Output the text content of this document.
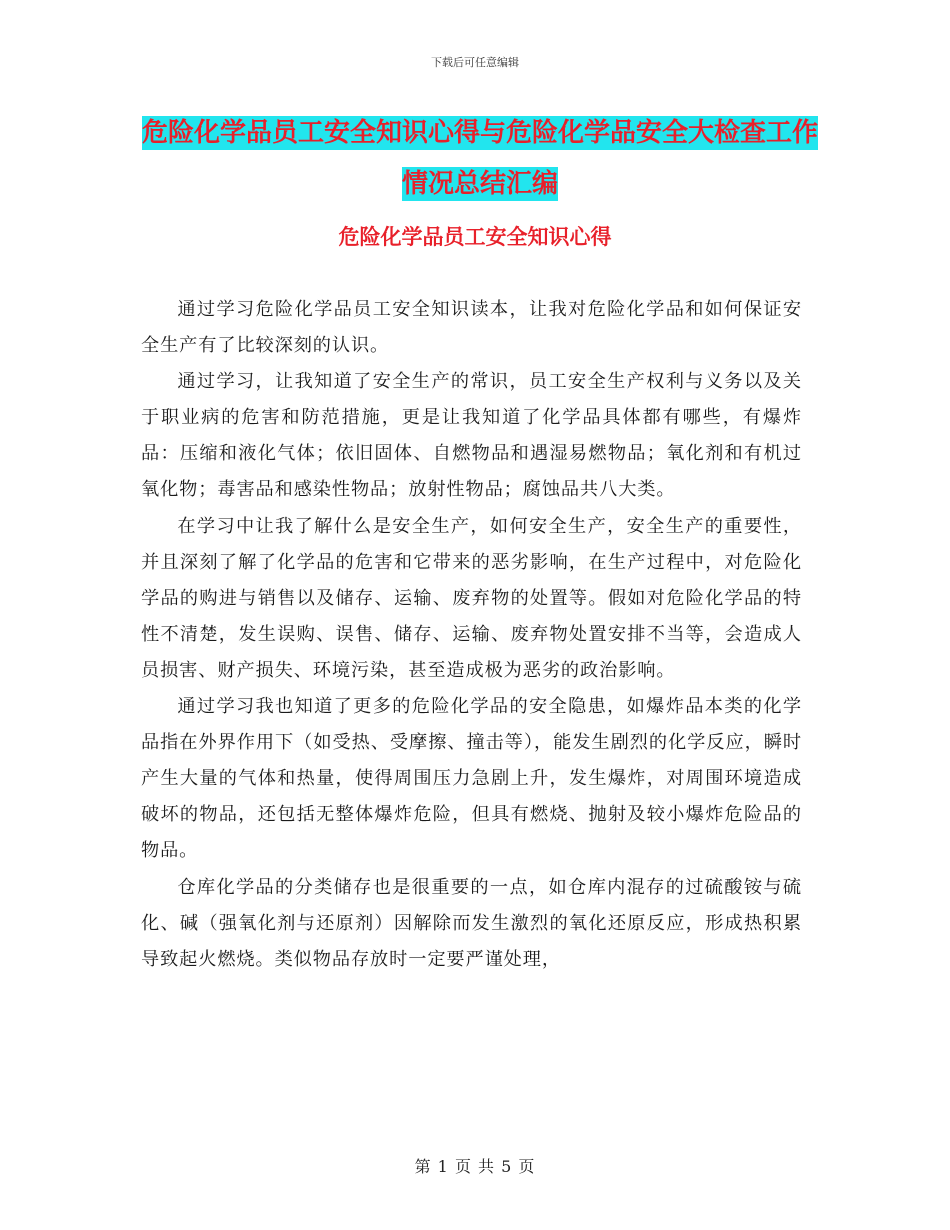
下载后可任意编辑
危险化学品员工安全知识心得与危险化学品安全大检查工作情况总结汇编
危险化学品员工安全知识心得

通过学习危险化学品员工安全知识读本，让我对危险化学品和如何保证安全生产有了比较深刻的认识。

通过学习，让我知道了安全生产的常识，员工安全生产权利与义务以及关于职业病的危害和防范措施，更是让我知道了化学品具体都有哪些，有爆炸品：压缩和液化气体；依旧固体、自燃物品和遇湿易燃物品；氧化剂和有机过氧化物；毒害品和感染性物品；放射性物品；腐蚀品共八大类。

在学习中让我了解什么是安全生产，如何安全生产，安全生产的重要性，并且深刻了解了化学品的危害和它带来的恶劣影响，在生产过程中，对危险化学品的购进与销售以及储存、运输、废弃物的处置等。假如对危险化学品的特性不清楚，发生误购、误售、储存、运输、废弃物处置安排不当等，会造成人员损害、财产损失、环境污染，甚至造成极为恶劣的政治影响。

通过学习我也知道了更多的危险化学品的安全隐患，如爆炸品本类的化学品指在外界作用下（如受热、受摩擦、撞击等），能发生剧烈的化学反应，瞬时产生大量的气体和热量，使得周围压力急剧上升，发生爆炸，对周围环境造成破坏的物品，还包括无整体爆炸危险，但具有燃烧、抛射及较小爆炸危险品的物品。

仓库化学品的分类储存也是很重要的一点，如仓库内混存的过硫酸铵与硫化、碱（强氧化剂与还原剂）因解除而发生激烈的氧化还原反应，形成热积累导致起火燃烧。类似物品存放时一定要严谨处理，

第 1 页 共 5 页
